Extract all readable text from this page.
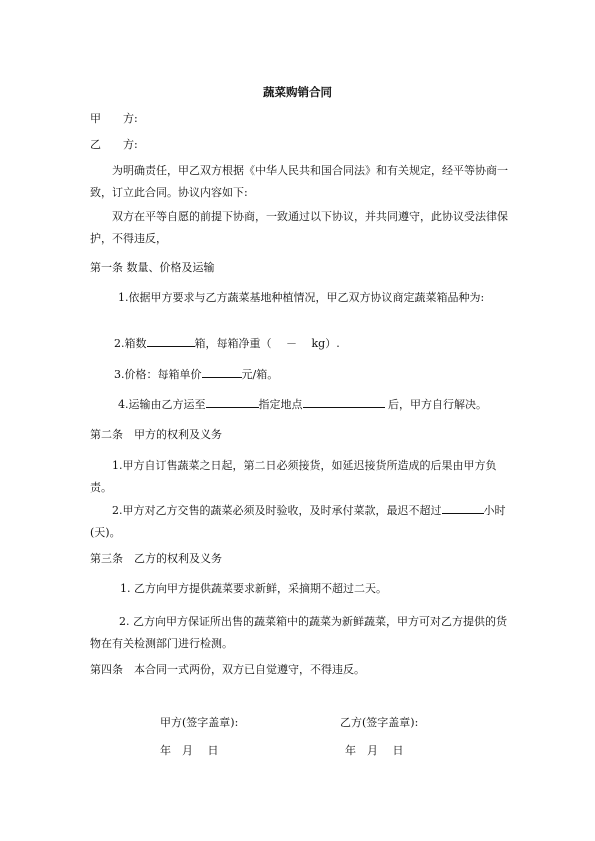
蔬菜购销合同
甲　　方:
乙　　方:
为明确责任，甲乙双方根据《中华人民共和国合同法》和有关规定，经平等协商一致，订立此合同。协议内容如下:
双方在平等自愿的前提下协商，一致通过以下协议，并共同遵守，此协议受法律保护，不得违反，
第一条 数量、价格及运输
1.依据甲方要求与乙方蔬菜基地种植情况，甲乙双方协议商定蔬菜箱品种为:
2.箱数	箱，每箱净重（　 －　 kg）.
3.价格：每箱单价	元/箱。
4.运输由乙方运至	指定地点	后，甲方自行解决。
第二条　甲方的权利及义务
1.甲方自订售蔬菜之日起，第二日必须接货，如延迟接货所造成的后果由甲方负责。
2.甲方对乙方交售的蔬菜必须及时验收，及时承付菜款，最迟不超过	小时(天)。
第三条　乙方的权利及义务
1. 乙方向甲方提供蔬菜要求新鲜，采摘期不超过二天。
2. 乙方向甲方保证所出售的蔬菜箱中的蔬菜为新鲜蔬菜，甲方可对乙方提供的货物在有关检测部门进行检测。
第四条　本合同一式两份，双方已自觉遵守，不得违反。
甲方(签字盖章):	乙方(签字盖章):
年　月　 日	年　月　 日
